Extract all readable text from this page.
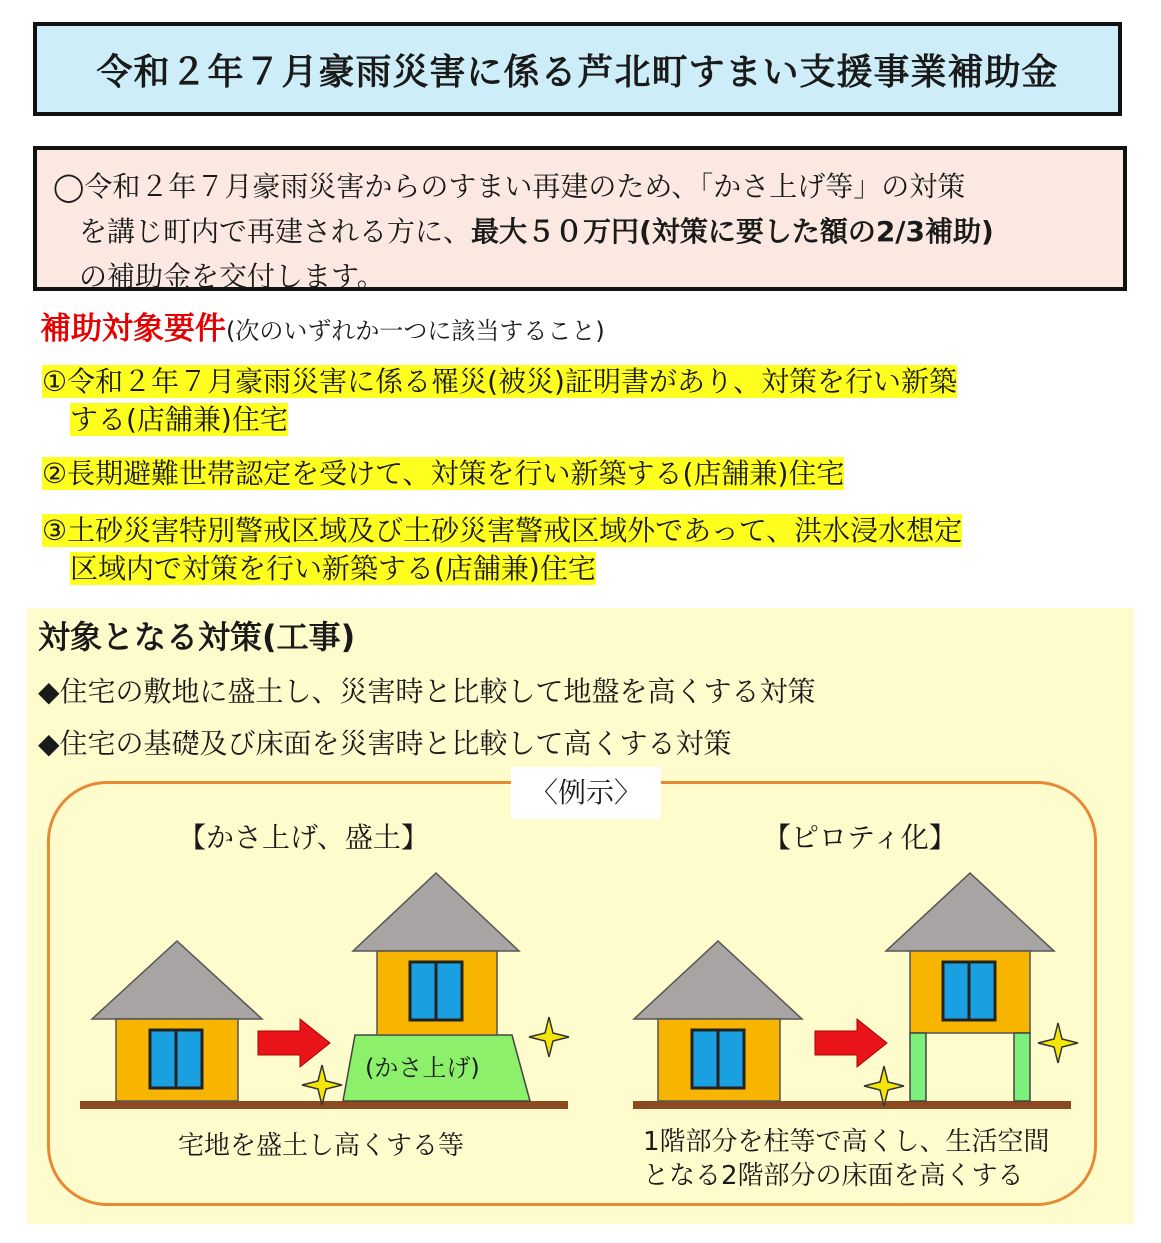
令和２年７月豪雨災害に係る芦北町すまい支援事業補助金
◯令和２年７月豪雨災害からのすまい再建のため、「かさ上げ等」の対策

を講じ町内で再建される方に、最大５０万円(対策に要した額の2/3補助)
の補助金を交付します。
補助対象要件(次のいずれか一つに該当すること)
①令和２年７月豪雨災害に係る罹災(被災)証明書があり、対策を行い新築

する(店舗兼)住宅
②長期避難世帯認定を受けて、対策を行い新築する(店舗兼)住宅
③土砂災害特別警戒区域及び土砂災害警戒区域外であって、洪水浸水想定

区域内で対策を行い新築する(店舗兼)住宅
対象となる対策(工事)
◆住宅の敷地に盛土し、災害時と比較して地盤を高くする対策
◆住宅の基礎及び床面を災害時と比較して高くする対策
〈例示〉
【かさ上げ、盛土】	【ピロティ化】
(かさ上げ)
宅地を盛土し高くする等	1階部分を柱等で高くし、生活空間
となる2階部分の床面を高くする
